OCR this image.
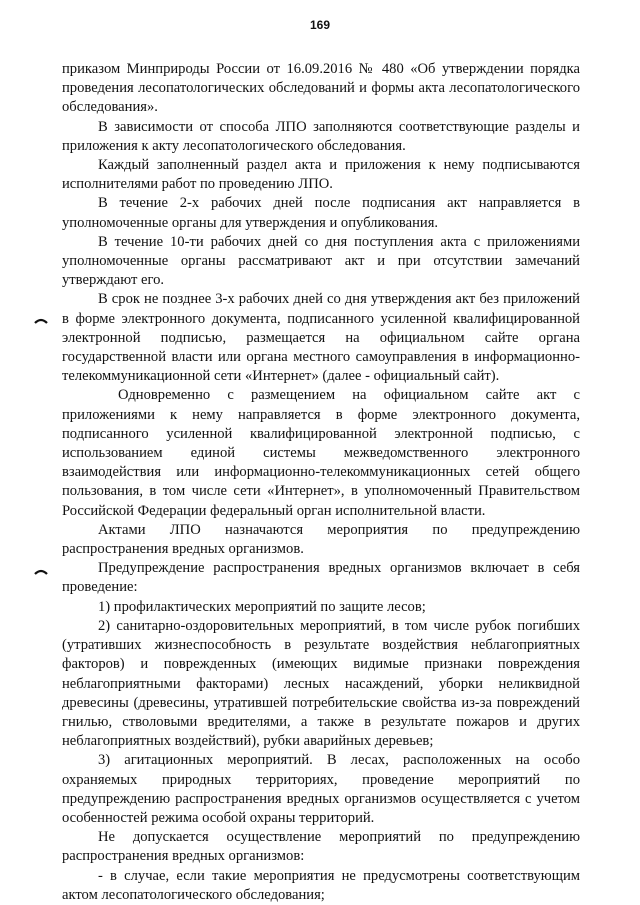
169

приказом Минприроды России от 16.09.2016 № 480 «Об утверждении порядка проведения лесопатологических обследований и формы акта лесопатологического обследования».

В зависимости от способа ЛПО заполняются соответствующие разделы и приложения к акту лесопатологического обследования.

Каждый заполненный раздел акта и приложения к нему подписываются исполнителями работ по проведению ЛПО.

В течение 2-х рабочих дней после подписания акт направляется в уполномоченные органы для утверждения и опубликования.

В течение 10-ти рабочих дней со дня поступления акта с приложениями уполномоченные органы рассматривают акт и при отсутствии замечаний утверждают его.

В срок не позднее 3-х рабочих дней со дня утверждения акт без приложений в форме электронного документа, подписанного усиленной квалифицированной электронной подписью, размещается на официальном сайте органа государственной власти или органа местного самоуправления в информационно-телекоммуникационной сети «Интернет» (далее - официальный сайт).

Одновременно с размещением на официальном сайте акт с приложениями к нему направляется в форме электронного документа, подписанного усиленной квалифицированной электронной подписью, с использованием единой системы межведомственного электронного взаимодействия или информационно-телекоммуникационных сетей общего пользования, в том числе сети «Интернет», в уполномоченный Правительством Российской Федерации федеральный орган исполнительной власти.

Актами ЛПО назначаются мероприятия по предупреждению распространения вредных организмов.

Предупреждение распространения вредных организмов включает в себя проведение:

1) профилактических мероприятий по защите лесов;

2) санитарно-оздоровительных мероприятий, в том числе рубок погибших (утративших жизнеспособность в результате воздействия неблагоприятных факторов) и поврежденных (имеющих видимые признаки повреждения неблагоприятными факторами) лесных насаждений, уборки неликвидной древесины (древесины, утратившей потребительские свойства из-за повреждений гнилью, стволовыми вредителями, а также в результате пожаров и других неблагоприятных воздействий), рубки аварийных деревьев;

3) агитационных мероприятий. В лесах, расположенных на особо охраняемых природных территориях, проведение мероприятий по предупреждению распространения вредных организмов осуществляется с учетом особенностей режима особой охраны территорий.

Не допускается осуществление мероприятий по предупреждению распространения вредных организмов:

- в случае, если такие мероприятия не предусмотрены соответствующим актом лесопатологического обследования;
